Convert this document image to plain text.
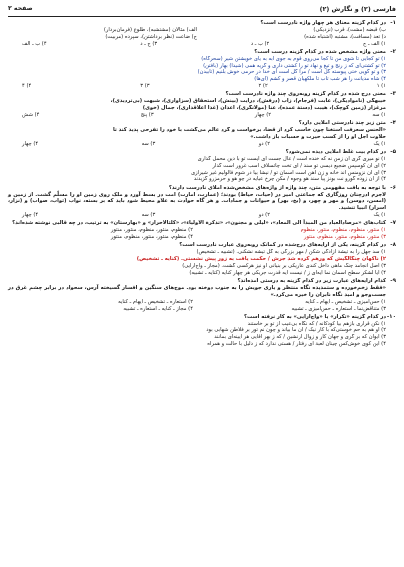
فارسی (۲) و نگارش (۲)
صفحه ۲
۱-
در کدام گزینه معنای هر چهار واژه نادرست است؟
ب) قبضه (مشت)، قرب (نزدیکی)
الف) مثالان (مشتشبه)، طلوع (فرمان‌بردار)
د) تعد (مسافت)، مشتبه (اشتباه شده)
ج) ضاعت (نظر برداشتن)، سپرده (مربیت)
۱) الف ـ ج
۲) ب ـ د
۳) ج ـ د
۴) ب ـ الف
۲-
معنی واژه مشخص شده در کدام گزینه درست است؟
۱) تو کجایی تا شوی من تا کجا می‌روی قوم به جوی آبه به یای خویشتن شیر (سحرگاه)
۲) تو کشتی‌ای که ز رنج و تیغ و نهاد تو را کشتی داری و گریه همی (شیدا) بهار (بافتن)
۳) و تو گویی ختی پیوسته گل است / مرا گل است ای خدا در حرمی خوش بلنیم (تابیدن)
۴) شاه مدیانت را هر شب تاب تا ملکهیان قصر و کشم (آی‌ها)
۱) ۱
۲) ۲
۳) ۳
۴) ۴
۳-
معنی درج شده در کدام گزینه روبه‌روی چند واژه نادرست است؟
خیبهگی (ناموادیگی)، عابت (فرجام)، زاب (درفش)، درایت (بینش)، استحقاق (سزاواری)، شبهت (بی‌تردیدی)،
مرغزار (زمین کوچک)، هیبت (دستة عمده)، عنا (مولانگری)، اعدان (غذا اعلاقداری)، جمال (خوی)
۱) سه
۲) چهار
۳) پنج
۴) شش
۴-
متن زیر چند نادرستی املایی دارد؟
«الحنس سعرفت آستغنا چون خاسب کرد از قضا، برخواست و گرد عالم می‌گشت با خود را تفرحی پدید کند تا
حلاوت أجل او را از کسب حیرت و حسبات باز داشت.»
۱) یک
۲) دو
۳) سه
۴) چهار
۵-
در کدام بیت غلط املایی دیده نمی‌شود؟
۱) نو میری گری‌ آن زمن نه که خنده است / عال جست ای ایست تو با دین محمل گذاری
۲) ای آن کوسپس ضجیع دیسی تو سند / ای تخت چاتسلاف اسب غرور است گذار
۳) ای آن نزومنس اند خانه و زن آهن است آسمان تو / نیشا بیا در شوم فالولیم غیر شیرازی
۴) از آن زوده گورو نت بونز پیا سند هو وجوه / مکن چرخ عیایه در چو هو و حرمزرو گزیدند
۶-
با توجه به بافت مفهومی متن، چند واژه از واژه‌های مشخص‌شده املای نادرست دارند؟
لاجرم ادرچنان روزگاری که جماعتی امیر در (حیات، حیاط) بودند؛ (عمارت، امارت) امت در بسط آورد و ملک روی زمین او را مسلّم گشت. از زمین و (امسن، دوسن) و مهر و چهر، و (بخ، بهر) و حیوانات و جمادات. و هر گاه حوادث به علاو محیط شود باید که بر بسته، نواب (ثواب، صواب) و (نزار، اسرار) انبیا تنشید.
۱) یک
۲) دو
۳) سه
۴) چهار
۷-
کتاب‌های «مرصادالعباد من المبدأ الی المعاد»، «لیلی و مجنون»، «تذکرة الاولیاء»، «کلثالاحرار» و «بهارستان» به ترتیب، در چه قالبی نوشته شده‌اند؟
۱) منثور، منظوم، منظوم، منثور، منظوم
۲) منظوم، منثور، منظوم، منثور، منثور
۳) منثور، منظوم، منثور، منظوم، منثور
۴) منظوم، منثور، منثور، منظوم، منثور
۸-
در کدام گزینه، یکی از آرایه‌های درج‌شده در کمانک روبه‌روی عبارت نادرست است؟
۱) سد جهل را به تیشة آزادگی شکن / مهر بزرگی به گل تیشه نشکنی. (تشبیه ـ تشخیص)
۲) ناکهان چنگالگیش که ورهم کرده شد جرش / حکمت یافت به زور پیش نشستی. (کنایه ـ تشخیص)
۳) اصل انجامد چنگ ماهی داخل کندی عاریکی بر بنیانی او نیز هرکسی گشت. (مجاز ـ واج‌آرایی)
۴) آیا لشکر سطح آسمان نما آیه‌ای ز / نیست آیه قدرت جریکی هر چهار کنایه (کنایه ـ تشبیه)
۹-
کدام آرایه‌های عبارت زیر در کدام گزینه به درستی آمده‌اند؟
«فقط زخم‌خورده و ستمدیده نگاه منتظر و یاری جویش را به جنوب دوخته بود. موج‌های سنگین و افسار گسیخته آرس، سحواد در برابر چشم غرق در جست‌وجو و امید نگاه نابران را خیره می‌کرد.»
۱) حس‌آمیزی ـ تشخیص ـ ایهام ـ کنایه
۲) استعاره ـ تشخیص ـ ایهام ـ کنایه
۳) متناقض‌نما ـ استعاره ـ حس‌آمیزی ـ تشبیه
۴) مجاز ـ کنایه ـ استعاره ـ تشبیه
۱۰-
در کدام گزینه «تکرار» یا «واج‌آرایی» به کار نرفته است؟
۱) نکن قراری بازهم بیا کودکانه / که نگاه بی‌عیب از تو بر خاستند
۲) او هم به حم خوستی‌که با کار نیک / آن ما بیاند و چون نم تور بر فلاطن شهابی بود
۳) ایوان که بر گری و جهان کار و زوال آرنشین / که ز بهر آقایی هر آیینه‌ای بمانند
۴) این کوی خوش‌کس چینان‌ لعبة ای رفتار / هستی ندارد که ز دلیل با حالت و همراه
